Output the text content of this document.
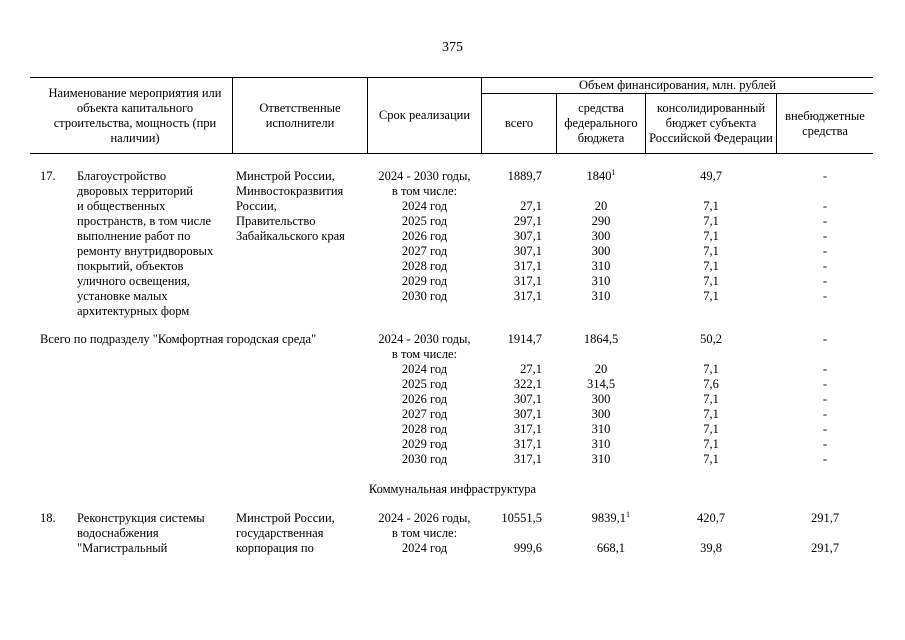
375
Наименование мероприятия или объекта капитального строительства, мощность (при наличии)
Ответственные исполнители
Срок реализации
Объем финансирования, млн. рублей
всего
средства федерального бюджета
консолидированный бюджет субъекта Российской Федерации
внебюджетные средства
17. Благоустройство
дворовых территорий
и общественных
пространств, в том числе
выполнение работ по
ремонту внутридворовых
покрытий, объектов
уличного освещения,
установке малых
архитектурных форм
Минстрой России,
Минвостокразвития
России,
Правительство
Забайкальского края
2024 - 2030 годы,
в том числе:
2024 год
2025 год
2026 год
2027 год
2028 год
2029 год
2030 год
1889,7
27,1
297,1
307,1
307,1
317,1
317,1
317,1
1840$^1$
20
290
300
300
310
310
310
49,7
7,1
7,1
7,1
7,1
7,1
7,1
7,1
-
-
-
-
-
-
-
-
Всего по подразделу "Комфортная городская среда"	2024 - 2030 годы,
в том числе:
2024 год
2025 год
2026 год
2027 год
2028 год
2029 год
2030 год
1914,7
27,1
322,1
307,1
307,1
317,1
317,1
317,1
1864,5
20
314,5
300
300
310
310
310
50,2
7,1
7,6
7,1
7,1
7,1
7,1
7,1
-
-
-
-
-
-
-
-
Коммунальная инфраструктура
18. Реконструкция системы
водоснабжения
"Магистральный
Минстрой России,
государственная
корпорация по
2024 - 2026 годы,
в том числе:
2024 год
10551,5
999,6
9839,1$^1$
668,1
420,7
39,8
291,7
291,7
